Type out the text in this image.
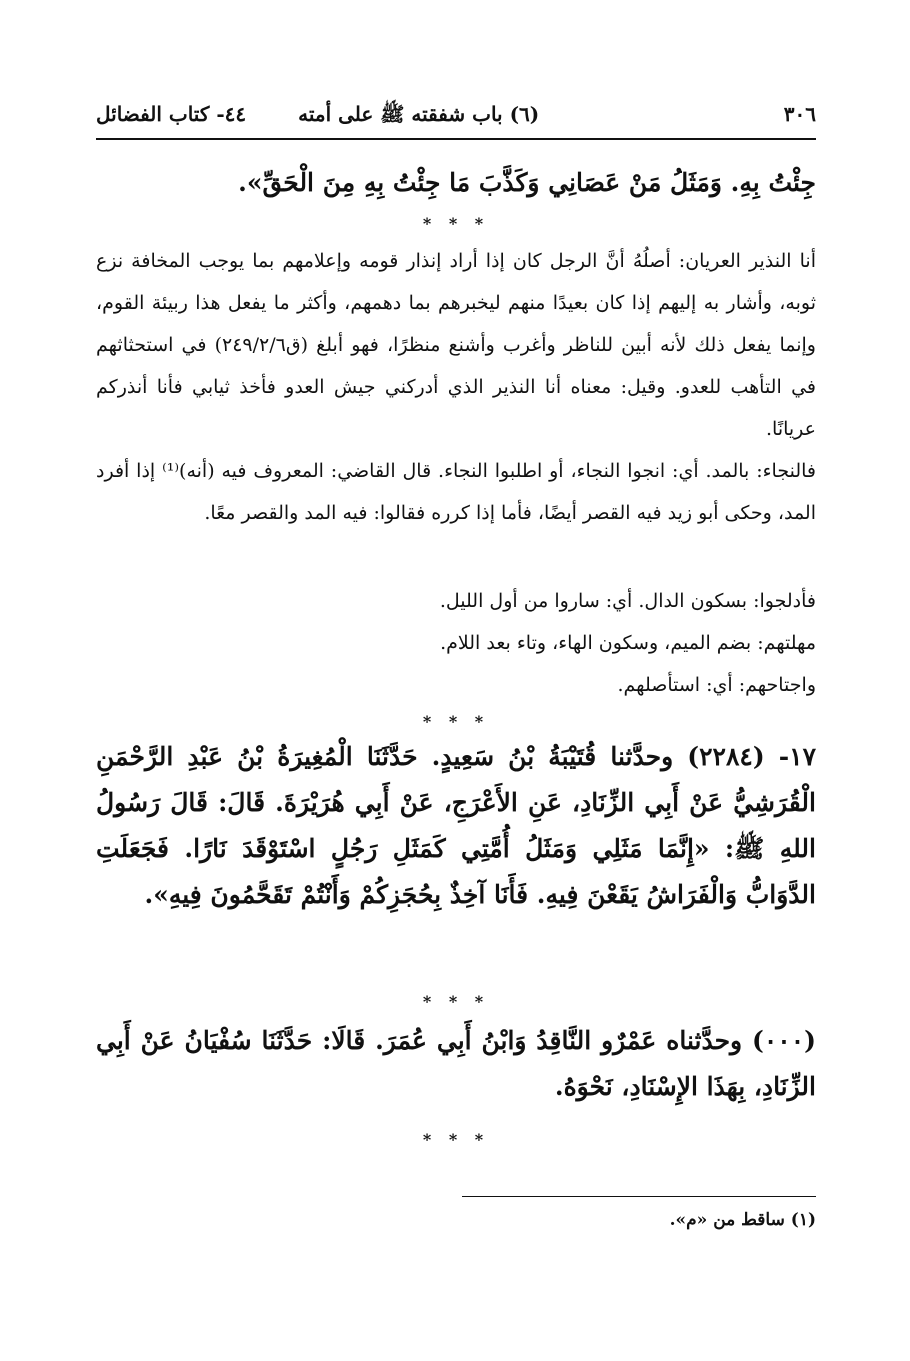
٣٠٦
(٦) باب شفقته ﷺ على أمته
٤٤- كتاب الفضائل
جِئْتُ بِهِ. وَمَثَلُ مَنْ عَصَانِي وَكَذَّبَ مَا جِئْتُ بِهِ مِنَ الْحَقِّ».
* * *
أنا النذير العريان: أصلُهُ أنَّ الرجل كان إذا أراد إنذار قومه وإعلامهم بما يوجب المخافة نزع ثوبه، وأشار به إليهم إذا كان بعيدًا منهم ليخبرهم بما دهمهم، وأكثر ما يفعل هذا ربيئة القوم، وإنما يفعل ذلك لأنه أبين للناظر وأغرب وأشنع منظرًا، فهو أبلغ (ق٢٤٩/٢/٦) في استحثاثهم في التأهب للعدو. وقيل: معناه أنا النذير الذي أدركني جيش العدو فأخذ ثيابي فأنا أنذركم عريانًا.
فالنجاء: بالمد. أي: انجوا النجاء، أو اطلبوا النجاء. قال القاضي: المعروف فيه (أنه)⁽¹⁾ إذا أفرد المد، وحكى أبو زيد فيه القصر أيضًا، فأما إذا كرره فقالوا: فيه المد والقصر معًا.
فأدلجوا: بسكون الدال. أي: ساروا من أول الليل.
مهلتهم: بضم الميم، وسكون الهاء، وتاء بعد اللام.
واجتاحهم: أي: استأصلهم.
* * *
١٧- (٢٢٨٤) وحدَّثنا قُتَيْبَةُ بْنُ سَعِيدٍ. حَدَّثَنَا الْمُغِيرَةُ بْنُ عَبْدِ الرَّحْمَنِ الْقُرَشِيُّ عَنْ أَبِي الزِّنَادِ، عَنِ الأَعْرَجِ، عَنْ أَبِي هُرَيْرَةَ. قَالَ: قَالَ رَسُولُ اللهِ ﷺ: «إِنَّمَا مَثَلِي وَمَثَلُ أُمَّتِي كَمَثَلِ رَجُلٍ اسْتَوْقَدَ نَارًا. فَجَعَلَتِ الدَّوَابُّ وَالْفَرَاشُ يَقَعْنَ فِيهِ. فَأَنَا آخِذٌ بِحُجَزِكُمْ وَأَنْتُمْ تَقَحَّمُونَ فِيهِ».
* * *
(٠٠٠) وحدَّثناه عَمْرٌو النَّاقِدُ وَابْنُ أَبِي عُمَرَ. قَالَا: حَدَّثَنَا سُفْيَانُ عَنْ أَبِي الزِّنَادِ، بِهَذَا الإِسْنَادِ، نَحْوَهُ.
* * *
(١) ساقط من «م».
